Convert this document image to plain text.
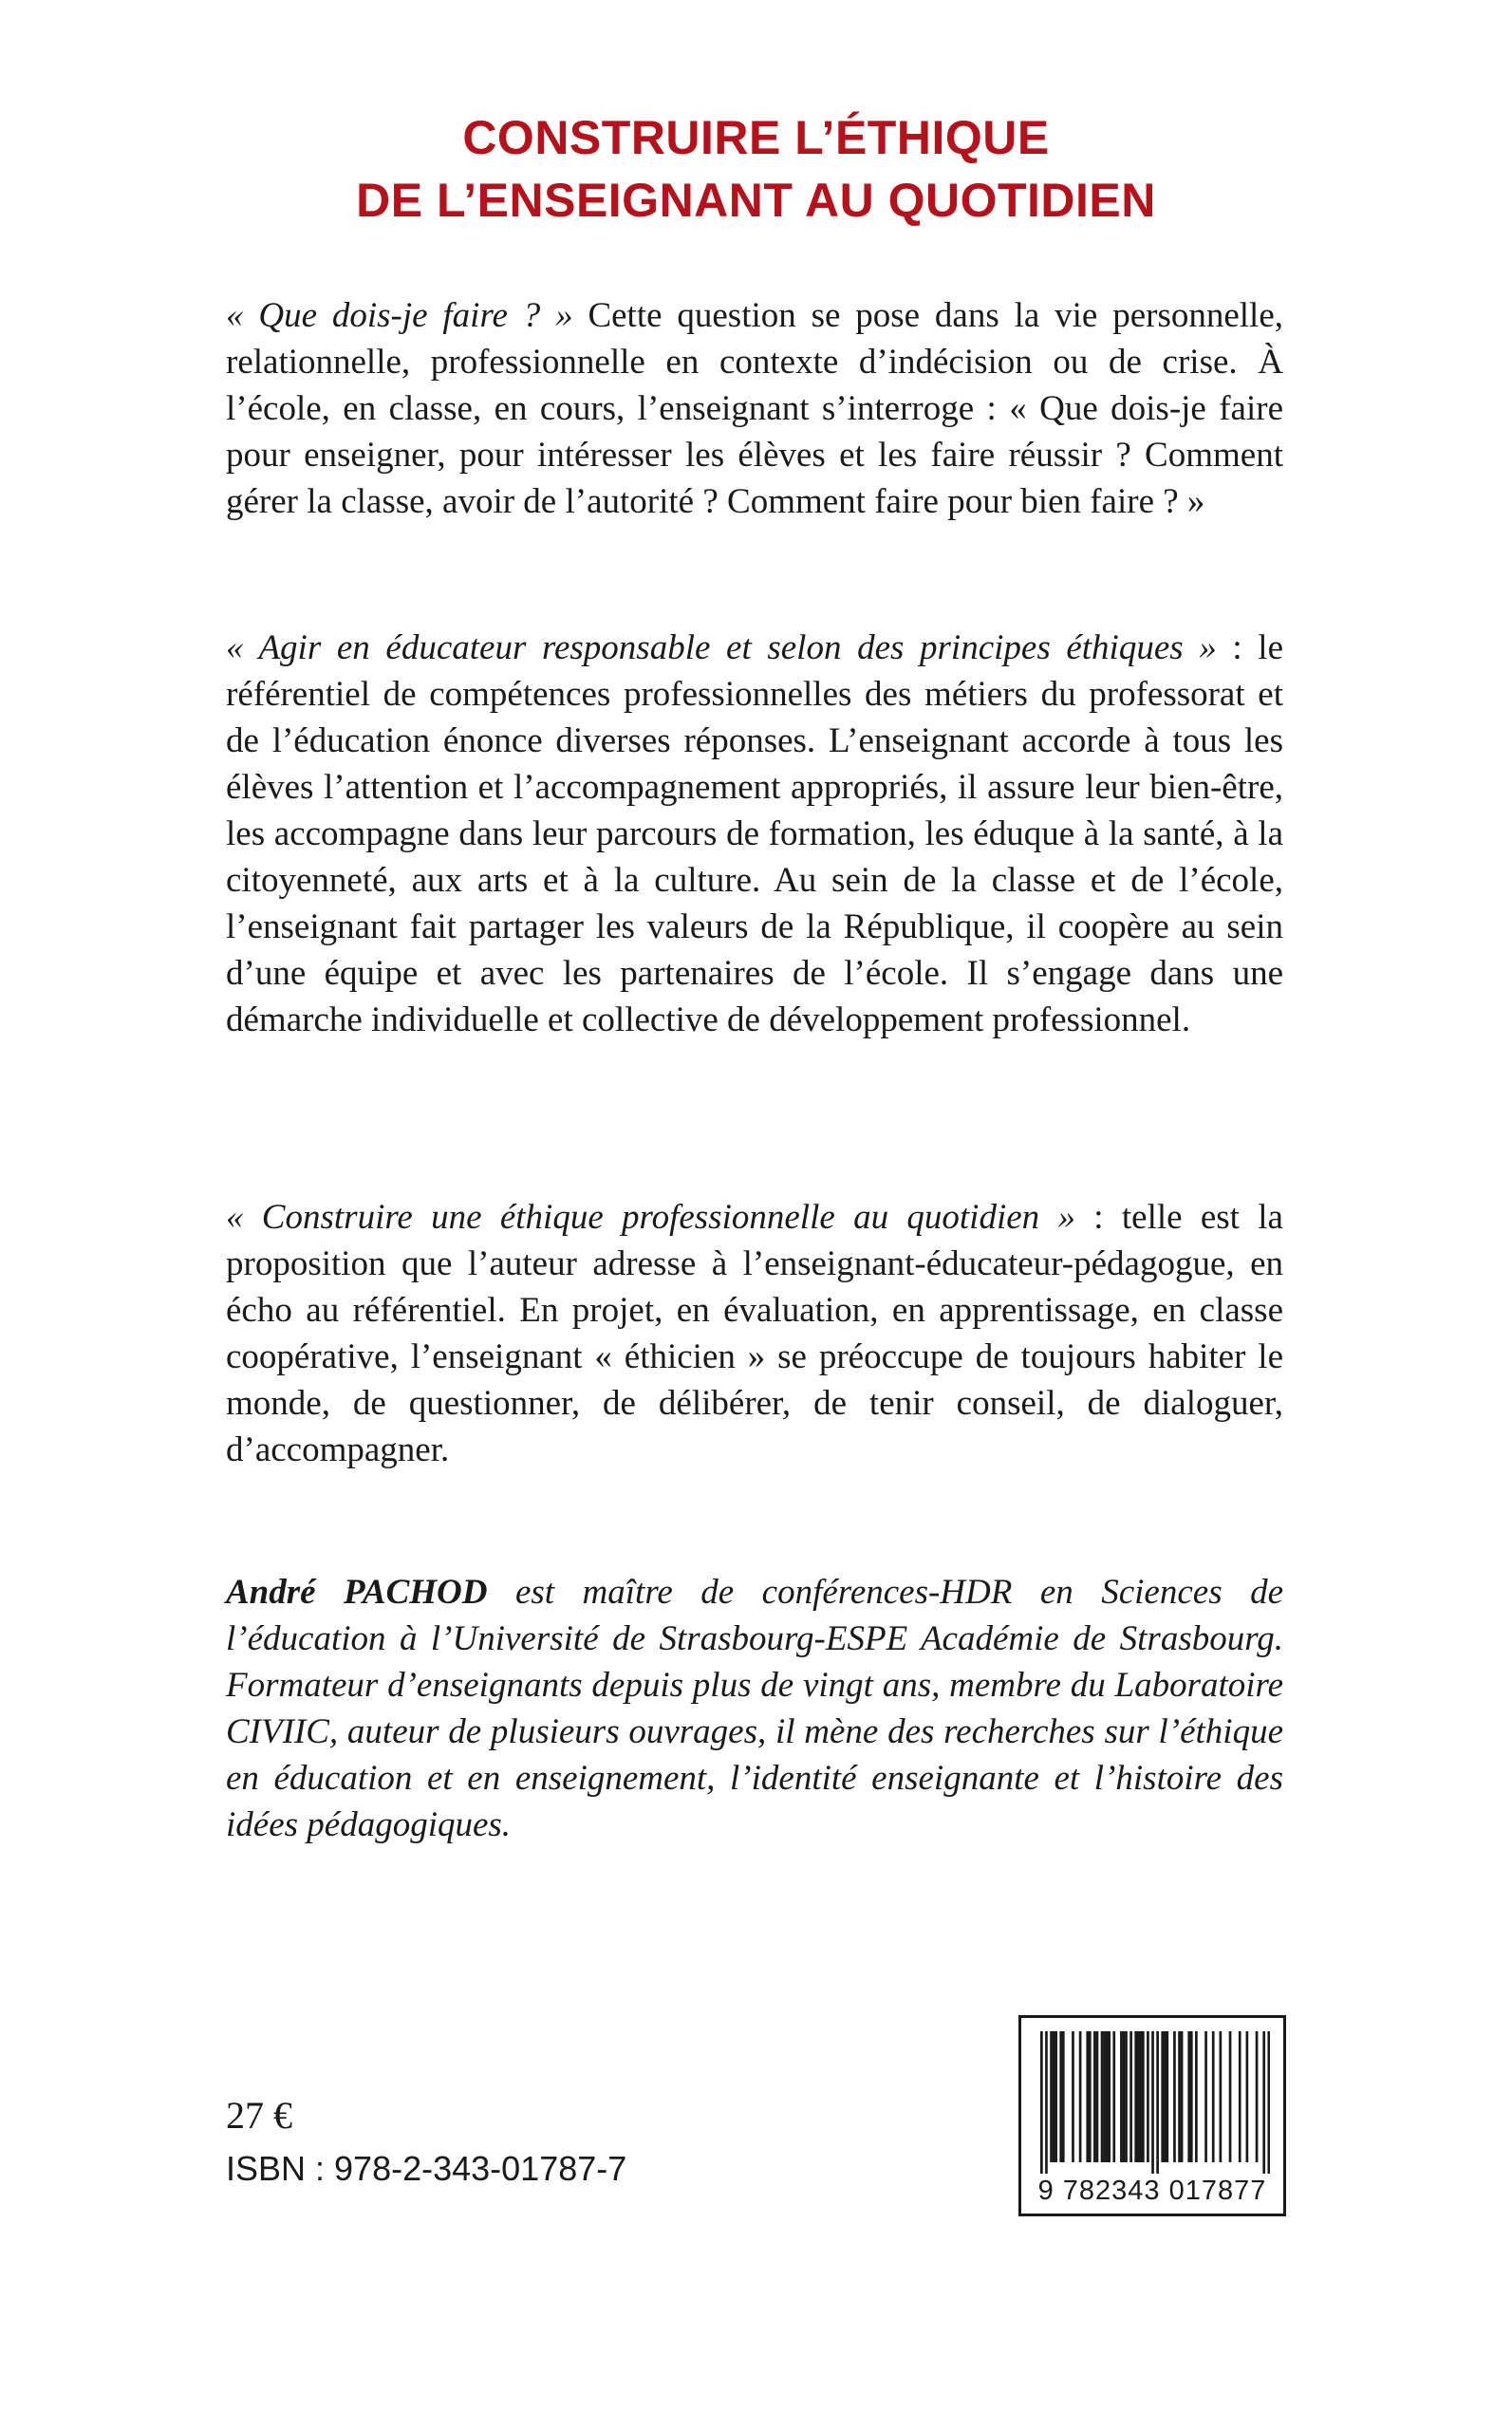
CONSTRUIRE L’ÉTHIQUE
DE L’ENSEIGNANT AU QUOTIDIEN

« Que dois-je faire ? » Cette question se pose dans la vie personnelle, relationnelle, professionnelle en contexte d’indécision ou de crise. À l’école, en classe, en cours, l’enseignant s’interroge : « Que dois-je faire pour enseigner, pour intéresser les élèves et les faire réussir ? Comment gérer la classe, avoir de l’autorité ? Comment faire pour bien faire ? »

« Agir en éducateur responsable et selon des principes éthiques » : le référentiel de compétences professionnelles des métiers du professorat et de l’éducation énonce diverses réponses. L’enseignant accorde à tous les élèves l’attention et l’accompagnement appropriés, il assure leur bien-être, les accompagne dans leur parcours de formation, les éduque à la santé, à la citoyenneté, aux arts et à la culture. Au sein de la classe et de l’école, l’enseignant fait partager les valeurs de la République, il coopère au sein d’une équipe et avec les partenaires de l’école. Il s’engage dans une démarche individuelle et collective de développement professionnel.

« Construire une éthique professionnelle au quotidien » : telle est la proposition que l’auteur adresse à l’enseignant-éducateur-pédagogue, en écho au référentiel. En projet, en évaluation, en apprentissage, en classe coopérative, l’enseignant « éthicien » se préoccupe de toujours habiter le monde, de questionner, de délibérer, de tenir conseil, de dialoguer, d’accompagner.

André PACHOD est maître de conférences-HDR en Sciences de l’éducation à l’Université de Strasbourg-ESPE Académie de Strasbourg. Formateur d’enseignants depuis plus de vingt ans, membre du Laboratoire CIVIIC, auteur de plusieurs ouvrages, il mène des recherches sur l’éthique en éducation et en enseignement, l’identité enseignante et l’histoire des idées pédagogiques.

27 €
ISBN : 978-2-343-01787-7
9 782343 017877
